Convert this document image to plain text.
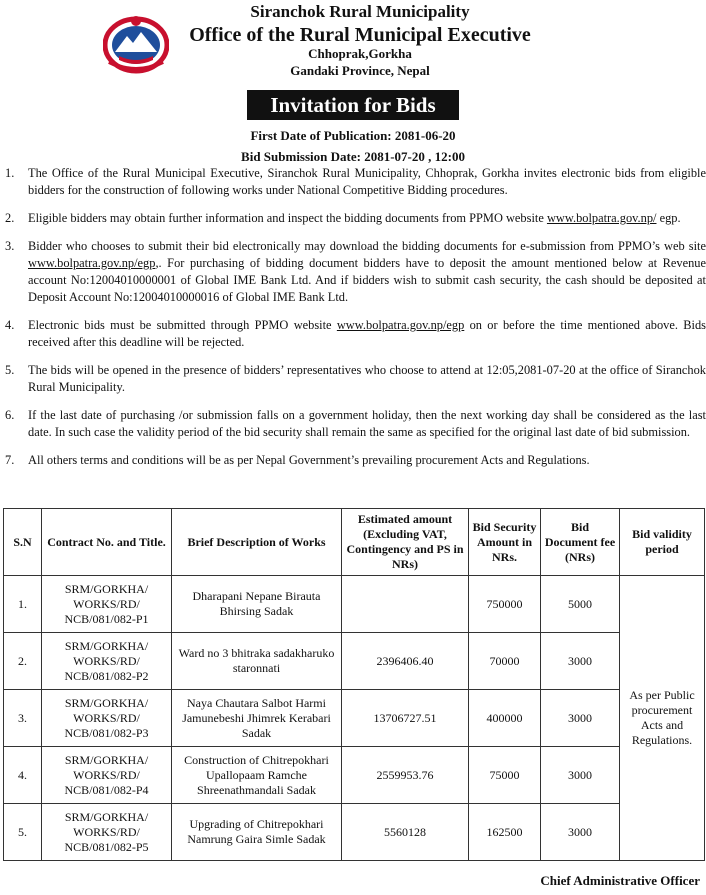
Siranchok Rural Municipality
Office of the Rural Municipal Executive
Chhoprak,Gorkha
Gandaki Province, Nepal
Invitation for Bids
First Date of Publication: 2081-06-20
Bid Submission Date: 2081-07-20 , 12:00
1. The Office of the Rural Municipal Executive, Siranchok Rural Municipality, Chhoprak, Gorkha invites electronic bids from eligible bidders for the construction of following works under National Competitive Bidding procedures.
2. Eligible bidders may obtain further information and inspect the bidding documents from PPMO website www.bolpatra.gov.np/ egp.
3. Bidder who chooses to submit their bid electronically may download the bidding documents for e-submission from PPMO’s web site www.bolpatra.gov.np/egp,. For purchasing of bidding document bidders have to deposit the amount mentioned below at Revenue account No:12004010000001 of Global IME Bank Ltd. And if bidders wish to submit cash security, the cash should be deposited at Deposit Account No:12004010000016 of Global IME Bank Ltd.
4. Electronic bids must be submitted through PPMO website www.bolpatra.gov.np/egp on or before the time mentioned above. Bids received after this deadline will be rejected.
5. The bids will be opened in the presence of bidders’ representatives who choose to attend at 12:05,2081-07-20 at the office of Siranchok Rural Municipality.
6. If the last date of purchasing /or submission falls on a government holiday, then the next working day shall be considered as the last date. In such case the validity period of the bid security shall remain the same as specified for the original last date of bid submission.
7. All others terms and conditions will be as per Nepal Government’s prevailing procurement Acts and Regulations.
S.N	Contract No. and Title.	Brief Description of Works	Estimated amount (Excluding VAT, Contingency and PS in NRs)	Bid Security Amount in NRs.	Bid Document fee (NRs)	Bid validity period
1.	SRM/GORKHA/ WORKS/RD/ NCB/081/082-P1	Dharapani Nepane Birauta Bhirsing Sadak		750000	5000	As per Public procurement Acts and Regulations.
2.	SRM/GORKHA/ WORKS/RD/ NCB/081/082-P2	Ward no 3 bhitraka sadakharuko staronnati	2396406.40	70000	3000	
3.	SRM/GORKHA/ WORKS/RD/ NCB/081/082-P3	Naya Chautara Salbot Harmi Jamunebeshi Jhimrek Kerabari Sadak	13706727.51	400000	3000	
4.	SRM/GORKHA/ WORKS/RD/ NCB/081/082-P4	Construction of Chitrepokhari Upallopaam Ramche Shreenathmandali Sadak	2559953.76	75000	3000	
5.	SRM/GORKHA/ WORKS/RD/ NCB/081/082-P5	Upgrading of Chitrepokhari Namrung Gaira Simle Sadak	5560128	162500	3000	
Chief Administrative Officer
